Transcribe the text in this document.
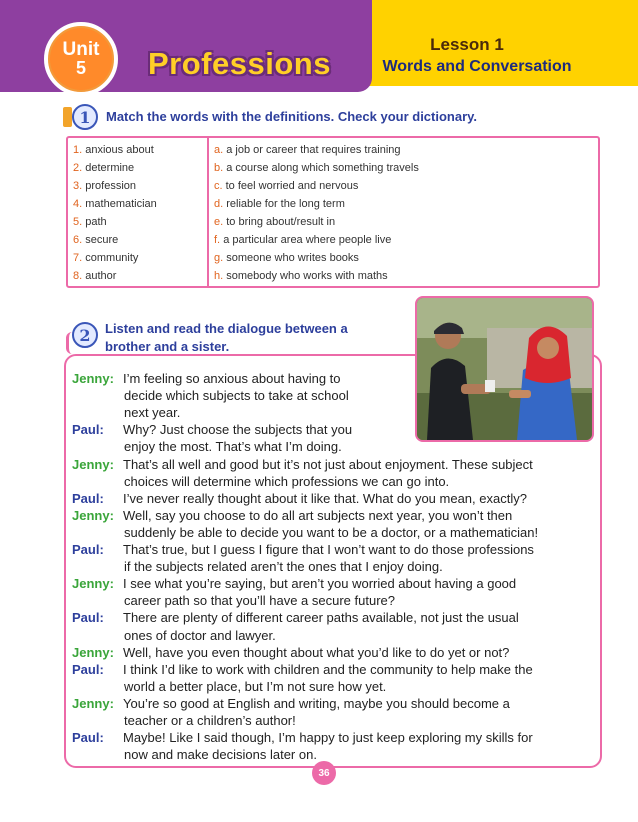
Unit
5 Professions
Lesson 1
Words and Conversation
1	Match the words with the definitions. Check your dictionary.
1. anxious about
2. determine
3. profession
4. mathematician
5. path
6. secure
7. community
8. author
a. a job or career that requires training
b. a course along which something travels
c. to feel worried and nervous
d. reliable for the long term
e. to bring about/result in
f. a particular area where people live
g. someone who writes books
h. somebody who works with maths
2	Listen and read the dialogue between a
brother and a sister.
Jenny: I’m feeling so anxious about having to
decide which subjects to take at school
next year.
Paul: Why? Just choose the subjects that you
enjoy the most. That’s what I’m doing.
Jenny: That’s all well and good but it’s not just about enjoyment. These subject
choices will determine which professions we can go into.
Paul: I’ve never really thought about it like that. What do you mean, exactly?
Jenny: Well, say you choose to do all art subjects next year, you won’t then
suddenly be able to decide you want to be a doctor, or a mathematician!
Paul: That’s true, but I guess I figure that I won’t want to do those professions
if the subjects related aren’t the ones that I enjoy doing.
Jenny: I see what you’re saying, but aren’t you worried about having a good
career path so that you’ll have a secure future?
Paul: There are plenty of different career paths available, not just the usual
ones of doctor and lawyer.
Jenny: Well, have you even thought about what you’d like to do yet or not?
Paul: I think I’d like to work with children and the community to help make the
world a better place, but I’m not sure how yet.
Jenny: You’re so good at English and writing, maybe you should become a
teacher or a children’s author!
Paul: Maybe! Like I said though, I’m happy to just keep exploring my skills for
now and make decisions later on.
36
